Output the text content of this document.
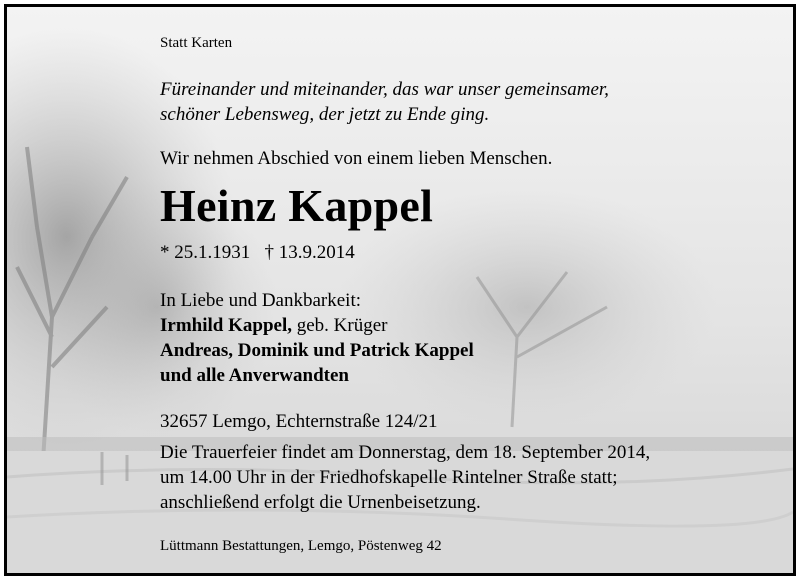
Statt Karten
Füreinander und miteinander, das war unser gemeinsamer,
schöner Lebensweg, der jetzt zu Ende ging.
Wir nehmen Abschied von einem lieben Menschen.
Heinz Kappel
* 25.1.1931   † 13.9.2014
In Liebe und Dankbarkeit:
Irmhild Kappel, geb. Krüger
Andreas, Dominik und Patrick Kappel
und alle Anverwandten
32657 Lemgo, Echternstraße 124/21
Die Trauerfeier findet am Donnerstag, dem 18. September 2014,
um 14.00 Uhr in der Friedhofskapelle Rintelner Straße statt;
anschließend erfolgt die Urnenbeisetzung.
Lüttmann Bestattungen, Lemgo, Pöstenweg 42
